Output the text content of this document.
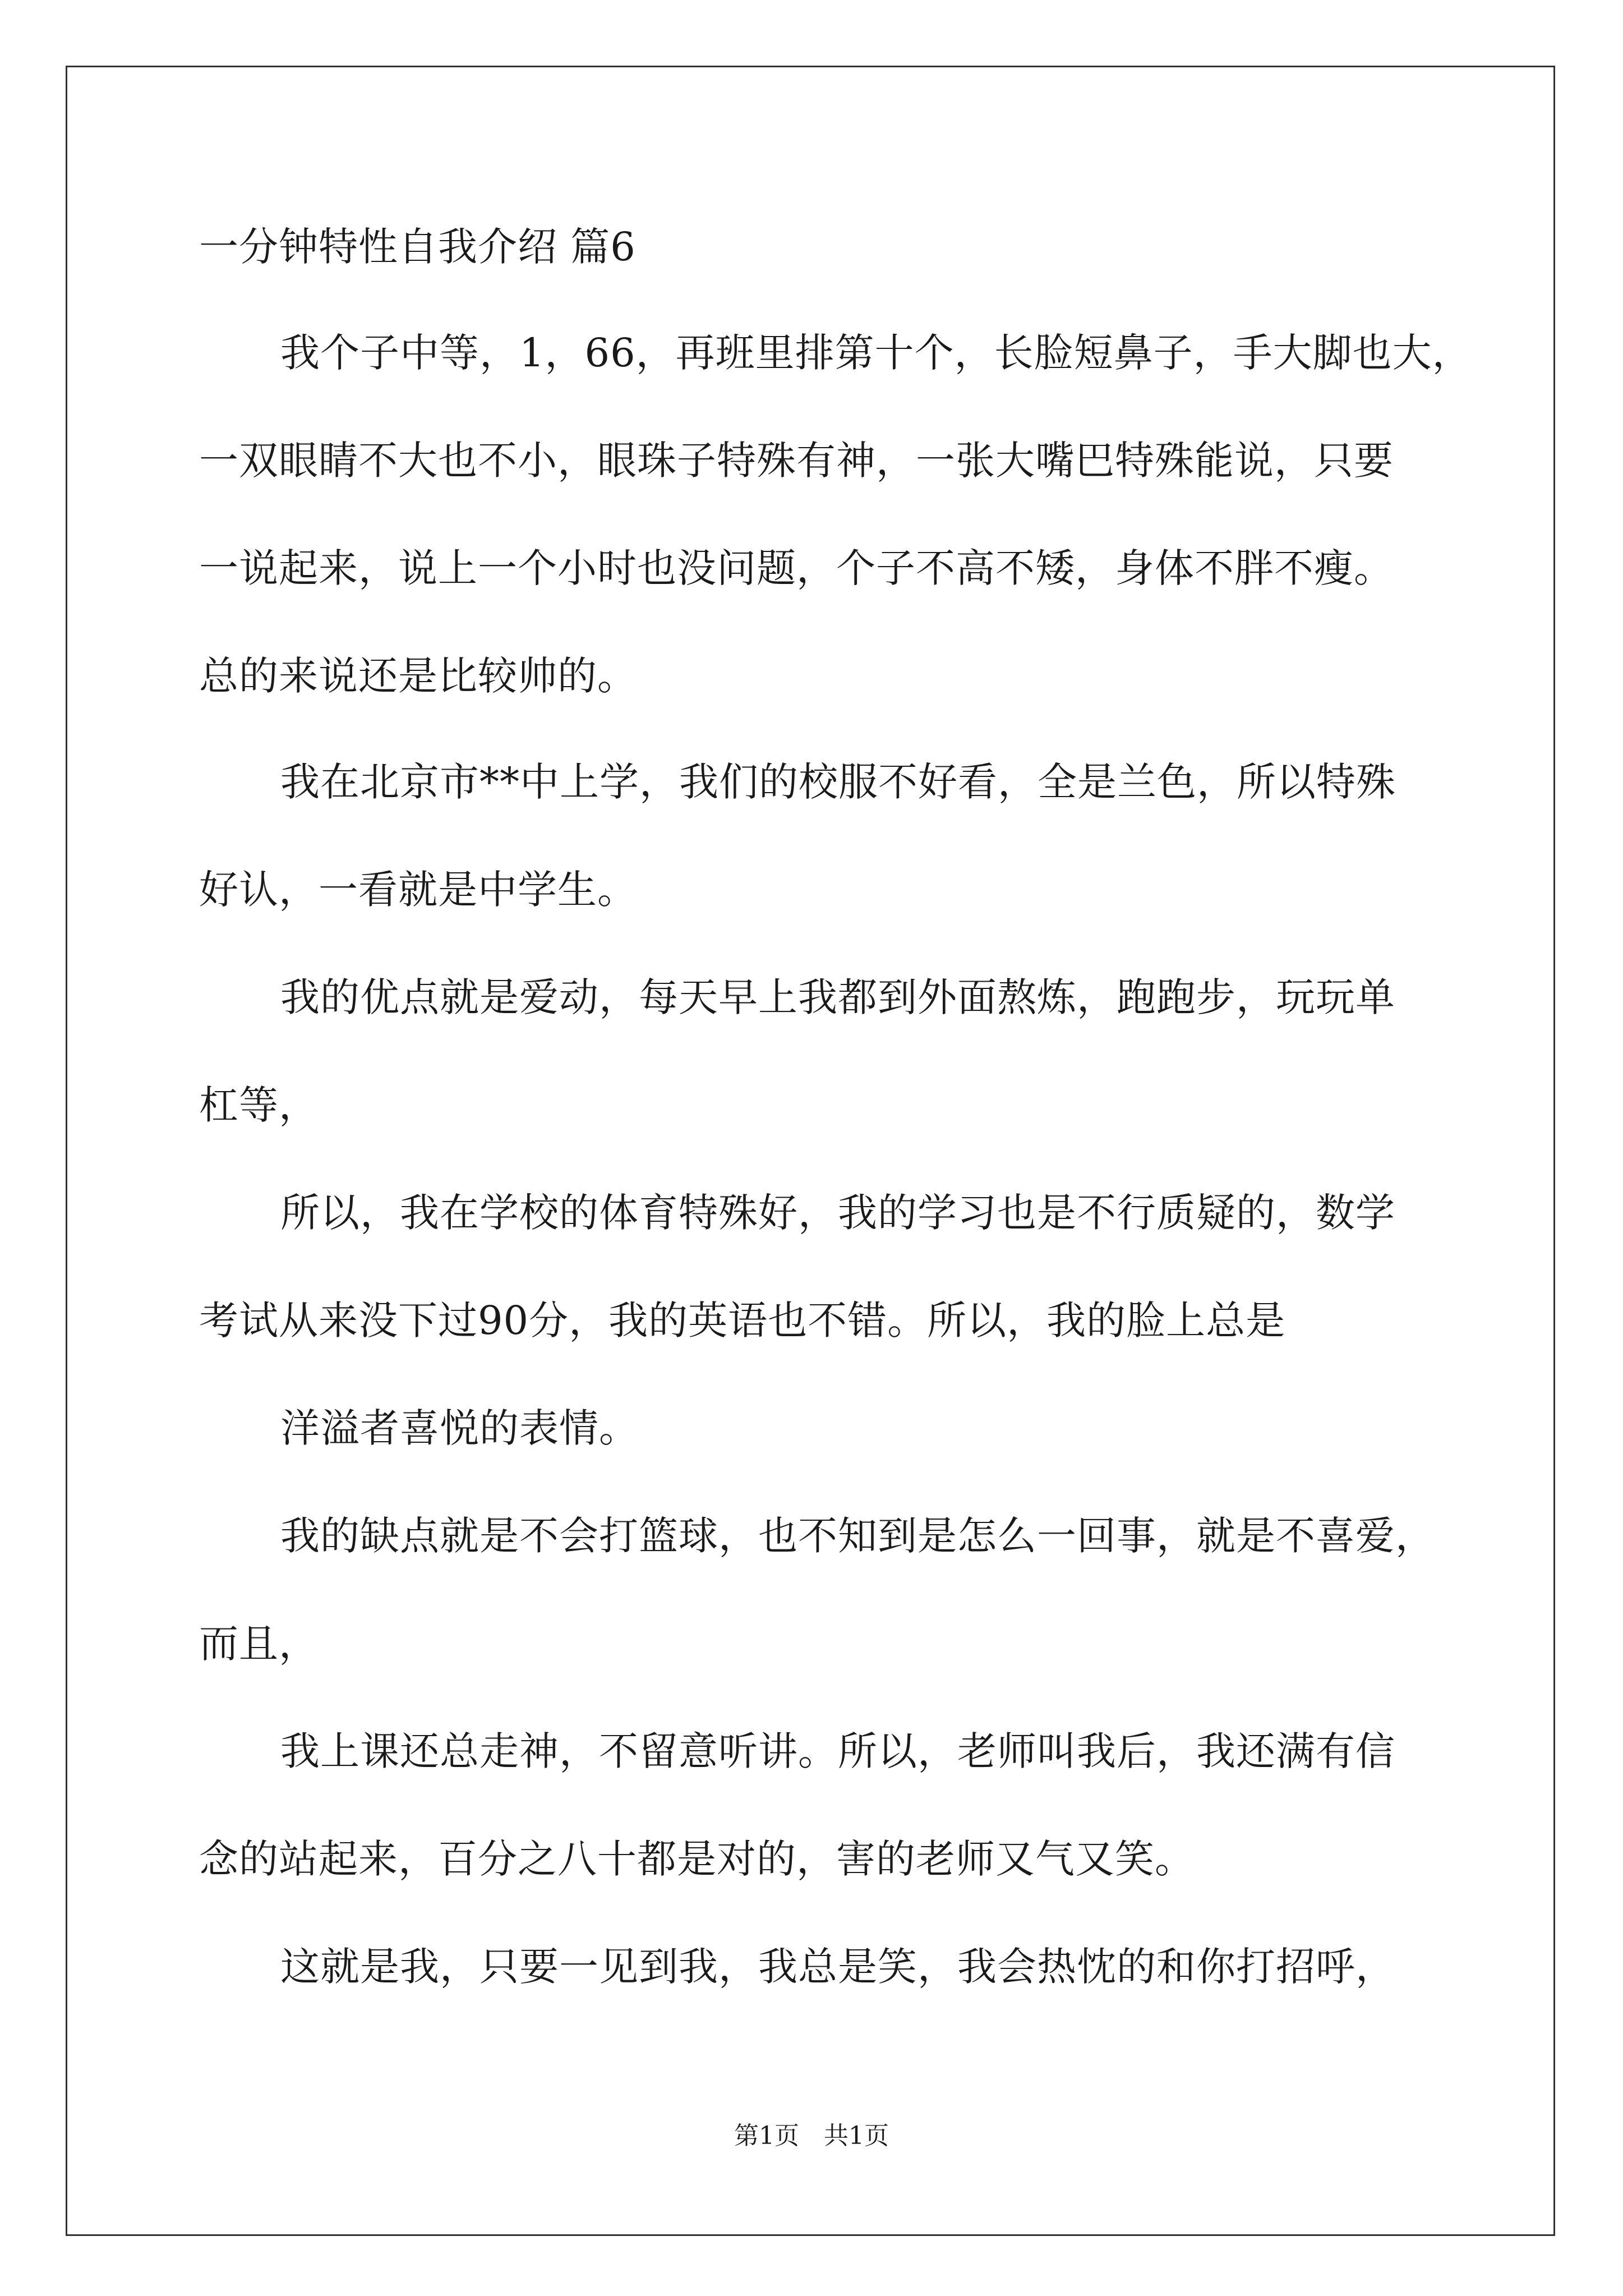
一分钟特性自我介绍 篇6
我个子中等，1，66，再班里排第十个，长脸短鼻子，手大脚也大，
一双眼睛不大也不小，眼珠子特殊有神，一张大嘴巴特殊能说，只要
一说起来，说上一个小时也没问题，个子不高不矮，身体不胖不瘦。
总的来说还是比较帅的。
我在北京市**中上学，我们的校服不好看，全是兰色，所以特殊
好认，一看就是中学生。
我的优点就是爱动，每天早上我都到外面熬炼，跑跑步，玩玩单
杠等，
所以，我在学校的体育特殊好，我的学习也是不行质疑的，数学
考试从来没下过90分，我的英语也不错。所以，我的脸上总是
洋溢者喜悦的表情。
我的缺点就是不会打篮球，也不知到是怎么一回事，就是不喜爱，
而且，
我上课还总走神，不留意听讲。所以，老师叫我后，我还满有信
念的站起来，百分之八十都是对的，害的老师又气又笑。
这就是我，只要一见到我，我总是笑，我会热忱的和你打招呼，
第1页　共1页
